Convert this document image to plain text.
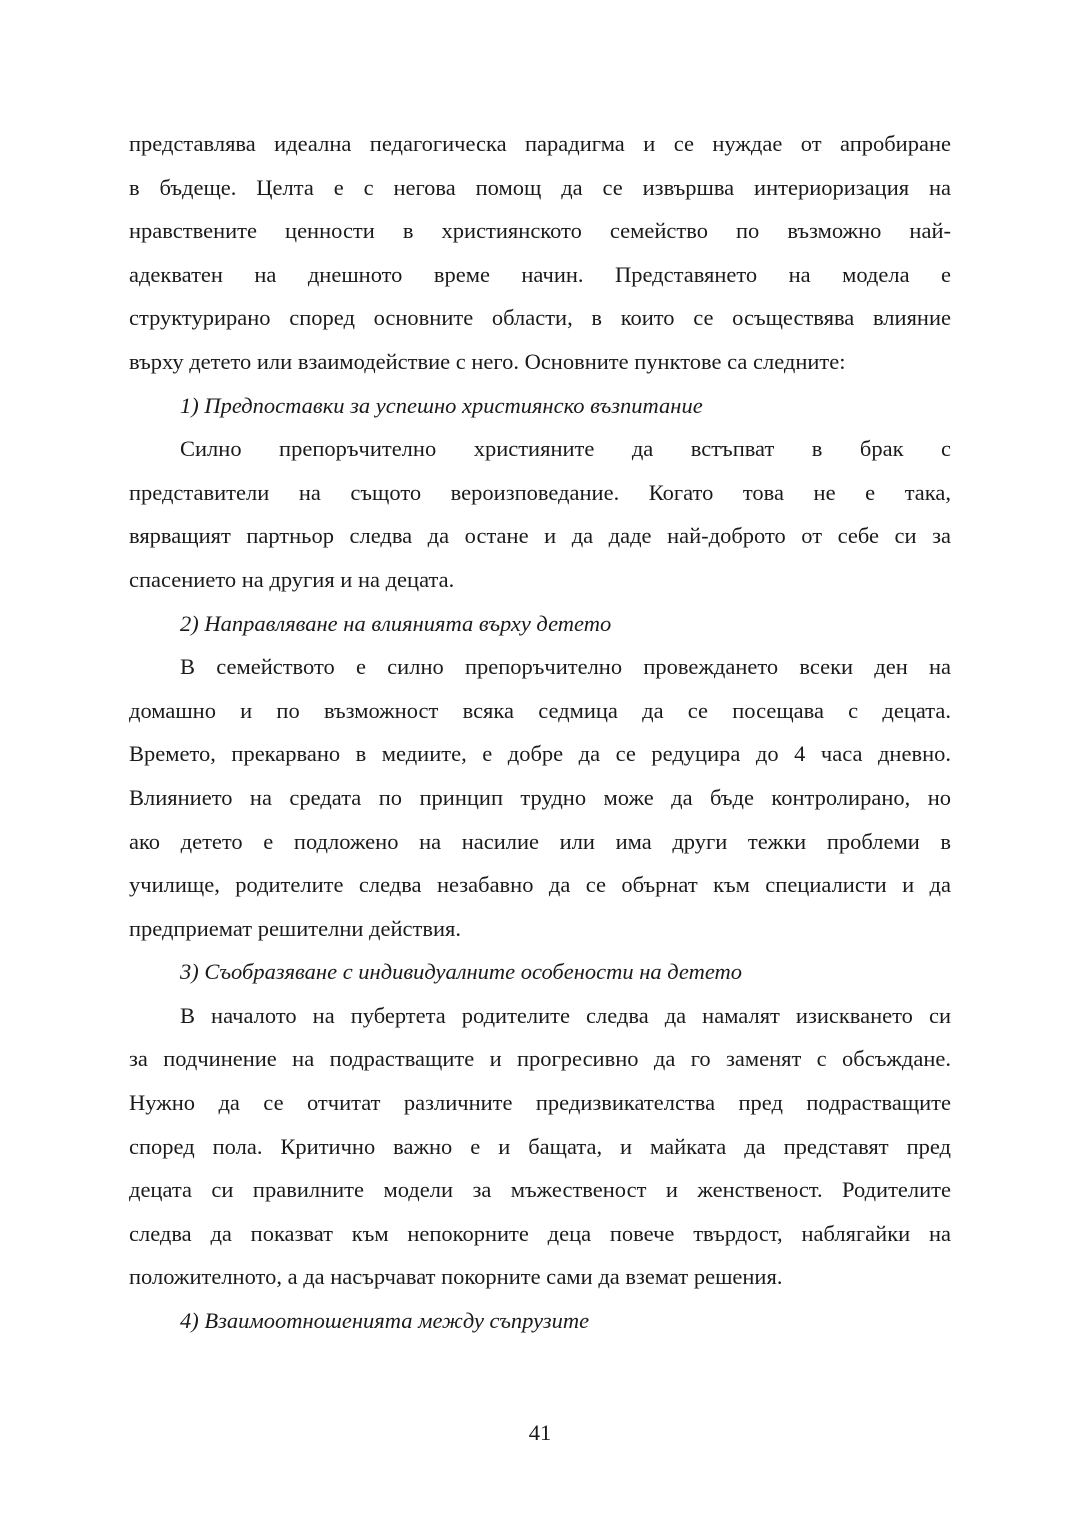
представлява идеална педагогическа парадигма и се нуждае от апробиране
в бъдеще. Целта е с негова помощ да се извършва интериоризация на
нравствените ценности в християнското семейство по възможно най-
адекватен на днешното време начин. Представянето на модела е
структурирано според основните области, в които се осъществява влияние
върху детето или взаимодействие с него. Основните пунктове са следните:
1) Предпоставки за успешно християнско възпитание
Силно препоръчително християните да встъпват в брак с
представители на същото вероизповедание. Когато това не е така,
вярващият партньор следва да остане и да даде най-доброто от себе си за
спасението на другия и на децата.
2) Направляване на влиянията върху детето
В семейството е силно препоръчително провеждането всеки ден на
домашно и по възможност всяка седмица да се посещава с децата.
Времето, прекарвано в медиите, е добре да се редуцира до 4 часа дневно.
Влиянието на средата по принцип трудно може да бъде контролирано, но
ако детето е подложено на насилие или има други тежки проблеми в
училище, родителите следва незабавно да се обърнат към специалисти и да
предприемат решителни действия.
3) Съобразяване с индивидуалните особености на детето
В началото на пубертета родителите следва да намалят изискването си
за подчинение на подрастващите и прогресивно да го заменят с обсъждане.
Нужно да се отчитат различните предизвикателства пред подрастващите
според пола. Критично важно е и бащата, и майката да представят пред
децата си правилните модели за мъжественост и женственост. Родителите
следва да показват към непокорните деца повече твърдост, наблягайки на
положителното, а да насърчават покорните сами да вземат решения.
4) Взаимоотношенията между съпрузите
41
